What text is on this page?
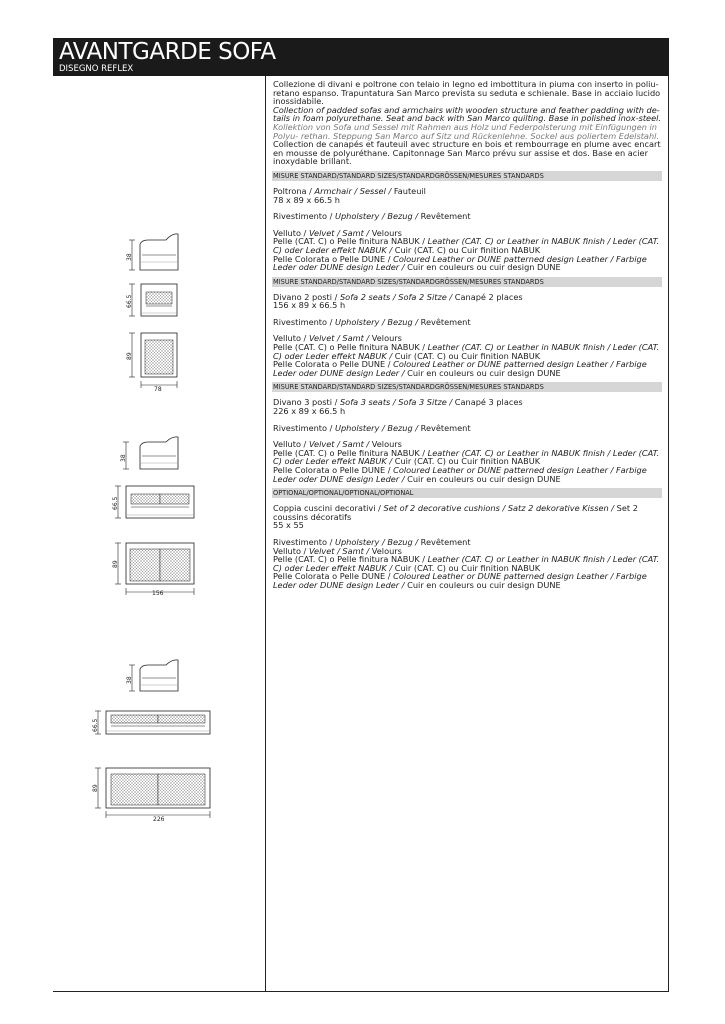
AVANTGARDE SOFA
DISEGNO REFLEX

Collezione di divani e poltrone con telaio in legno ed imbottitura in piuma con inserto in poliu- retano espanso. Trapuntatura San Marco prevista su seduta e schienale. Base in acciaio lucido inossidabile.

Collection of padded sofas and armchairs with wooden structure and feather padding with de- tails in foam polyurethane. Seat and back with San Marco quilting. Base in polished inox-steel.

Kollektion von Sofa und Sessel mit Rahmen aus Holz und Federpolsterung mit Einfügungen in Polyu- rethan. Steppung San Marco auf Sitz und Rückenlehne. Sockel aus poliertem Edelstahl.

Collection de canapés et fauteuil avec structure en bois et rembourrage en plume avec encart en mousse de polyuréthane. Capitonnage San Marco prévu sur assise et dos. Base en acier inoxydable brillant.

MISURE STANDARD/STANDARD SIZES/STANDARDGRÖSSEN/MESURES STANDARDS

Poltrona / Armchair / Sessel / Fauteuil

78 x 89 x 66.5 h

Rivestimento / Upholstery / Bezug / Revêtement

Velluto / Velvet / Samt / Velours

Pelle (CAT. C) o Pelle finitura NABUK / Leather (CAT. C) or Leather in NABUK finish / Leder (CAT. C) oder Leder effekt NABUK / Cuir (CAT. C) ou Cuir finition NABUK

Pelle Colorata o Pelle DUNE / Coloured Leather or DUNE patterned design Leather / Farbige Leder oder DUNE design Leder / Cuir en couleurs ou cuir design DUNE

MISURE STANDARD/STANDARD SIZES/STANDARDGRÖSSEN/MESURES STANDARDS

Divano 2 posti / Sofa 2 seats / Sofa 2 Sitze / Canapé 2 places

156 x 89 x 66.5 h

Rivestimento / Upholstery / Bezug / Revêtement

Velluto / Velvet / Samt / Velours

Pelle (CAT. C) o Pelle finitura NABUK / Leather (CAT. C) or Leather in NABUK finish / Leder (CAT. C) oder Leder effekt NABUK / Cuir (CAT. C) ou Cuir finition NABUK

Pelle Colorata o Pelle DUNE / Coloured Leather or DUNE patterned design Leather / Farbige Leder oder DUNE design Leder / Cuir en couleurs ou cuir design DUNE

MISURE STANDARD/STANDARD SIZES/STANDARDGRÖSSEN/MESURES STANDARDS

Divano 3 posti / Sofa 3 seats / Sofa 3 Sitze / Canapé 3 places

226 x 89 x 66.5 h

Rivestimento / Upholstery / Bezug / Revêtement

Velluto / Velvet / Samt / Velours

Pelle (CAT. C) o Pelle finitura NABUK / Leather (CAT. C) or Leather in NABUK finish / Leder (CAT. C) oder Leder effekt NABUK / Cuir (CAT. C) ou Cuir finition NABUK

Pelle Colorata o Pelle DUNE / Coloured Leather or DUNE patterned design Leather / Farbige Leder oder DUNE design Leder / Cuir en couleurs ou cuir design DUNE

OPTIONAL/OPTIONAL/OPTIONAL/OPTIONAL

Coppia cuscini decorativi / Set of 2 decorative cushions / Satz 2 dekorative Kissen / Set 2 coussins décoratifs

55 x 55

Rivestimento / Upholstery / Bezug / Revêtement

Velluto / Velvet / Samt / Velours

Pelle (CAT. C) o Pelle finitura NABUK / Leather (CAT. C) or Leather in NABUK finish / Leder (CAT. C) oder Leder effekt NABUK / Cuir (CAT. C) ou Cuir finition NABUK

Pelle Colorata o Pelle DUNE / Coloured Leather or DUNE patterned design Leather / Farbige Leder oder DUNE design Leder / Cuir en couleurs ou cuir design DUNE

38
66.5
89
78
38
66.5
89
156
38
66.5
89
226
